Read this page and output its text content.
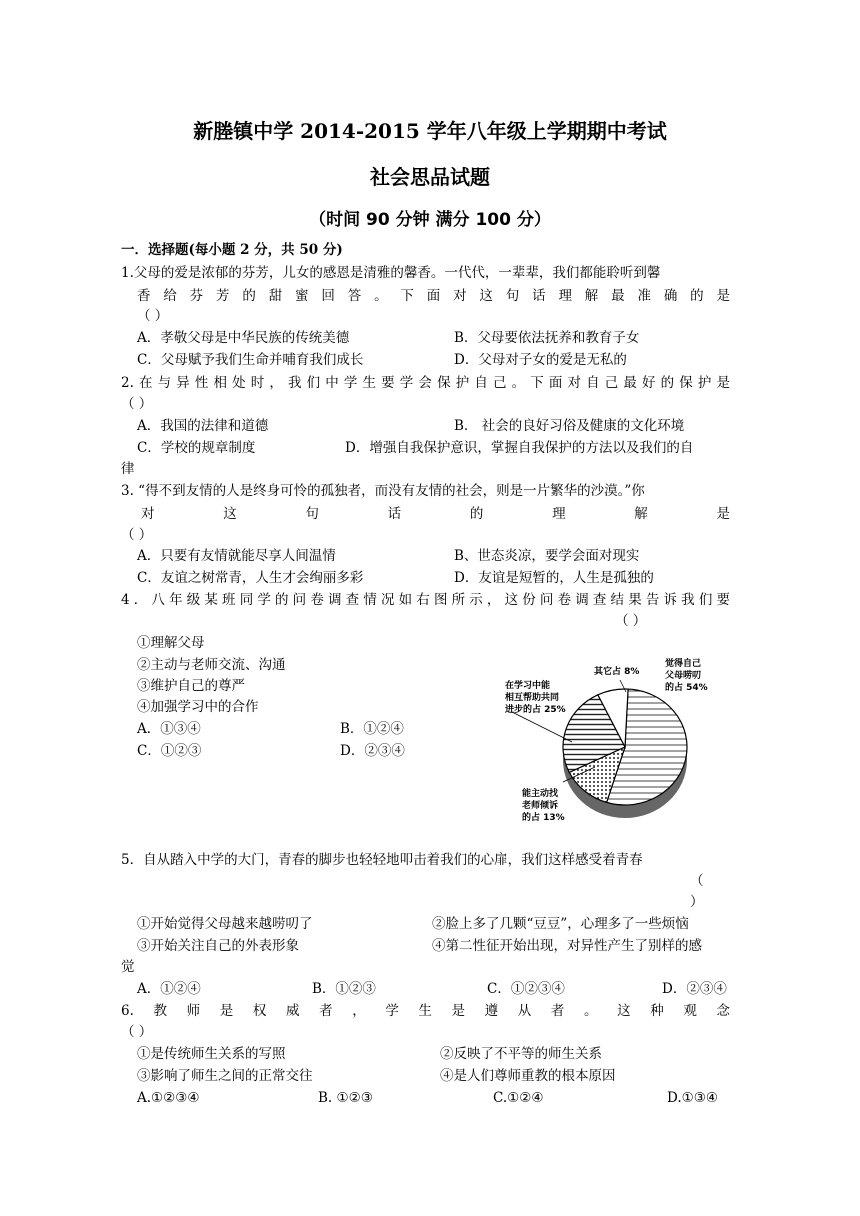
新塍镇中学 2014-2015 学年八年级上学期期中考试
社会思品试题
（时间 90 分钟 满分 100 分）
一．选择题(每小题 2 分，共 50 分)
1.父母的爱是浓郁的芬芳，儿女的感恩是清雅的馨香。一代代，一辈辈，我们都能聆听到馨
香给芬芳的甜蜜回答。下面对这句话理解最准确的是
（ ）
A．孝敬父母是中华民族的传统美德	B．父母要依法抚养和教育子女
C．父母赋予我们生命并哺育我们成长	D．父母对子女的爱是无私的
2.在与异性相处时，我们中学生要学会保护自己。下面对自己最好的保护是
（ ）
A．我国的法律和道德	B． 社会的良好习俗及健康的文化环境
C．学校的规章制度	D．增强自我保护意识，掌握自我保护的方法以及我们的自
律
3. “得不到友情的人是终身可怜的孤独者，而没有友情的社会，则是一片繁华的沙漠。”你
对这句话的理解是
（ ）
A．只要有友情就能尽享人间温情	B、世态炎凉，要学会面对现实
C．友谊之树常青，人生才会绚丽多彩	D．友谊是短暂的，人生是孤独的
4．八年级某班同学的问卷调查情况如右图所示，这份问卷调查结果告诉我们要
（ ）
①理解父母
②主动与老师交流、沟通
③维护自己的尊严
④加强学习中的合作
A．①③④	B．①②④
C．①②③	D．②③④
在学习中能
相互帮助共同
进步的占 25%
其它占 8%
觉得自己
父母唠叨
的占 54%
能主动找
老师倾诉
的占 13%
5．自从踏入中学的大门，青春的脚步也轻轻地叩击着我们的心扉，我们这样感受着青春
（
）
①开始觉得父母越来越唠叨了	②脸上多了几颗“豆豆”，心理多了一些烦恼
③开始关注自己的外表形象	④第二性征开始出现，对异性产生了别样的感
觉
A．①②④	B．①②③	C．①②③④	D．②③④
6.教师是权威者，学生是遵从者。这种观念
（ ）
①是传统师生关系的写照	②反映了不平等的师生关系
③影响了师生之间的正常交往	④是人们尊师重教的根本原因
A.①②③④	B. ①②③	C.①②④	D.①③④
